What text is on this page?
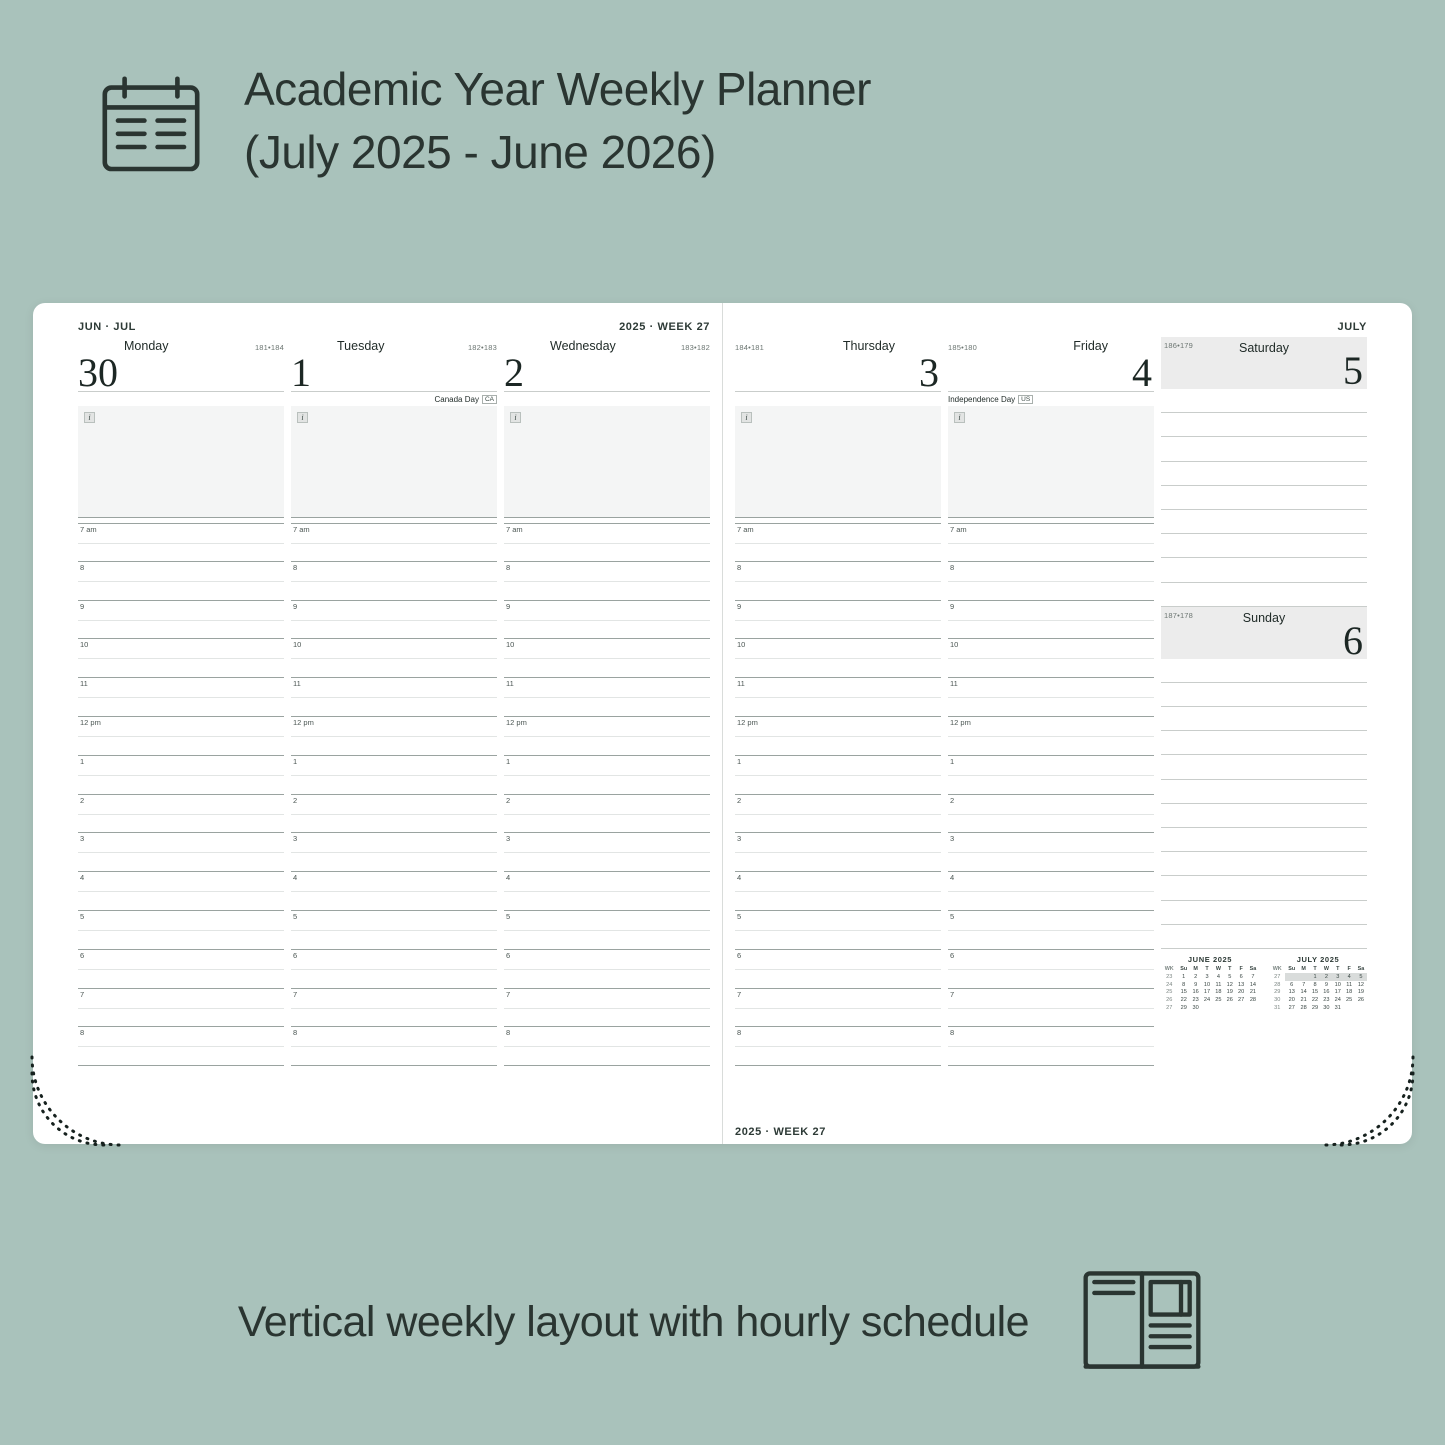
Academic Year Weekly Planner
(July 2025 - June 2026)
JUN · JUL	2025 · WEEK 27
Monday	181•184
30
i
7 am
8
9
10
11
12 pm
1
2
3
4
5
6
7
8
Tuesday	182•183
1
Canada Day CA
i
7 am
8
9
10
11
12 pm
1
2
3
4
5
6
7
8
Wednesday	183•182
2
i
7 am
8
9
10
11
12 pm
1
2
3
4
5
6
7
8

JULY
184•181	Thursday
3
i
7 am
8
9
10
11
12 pm
1
2
3
4
5
6
7
8
185•180	Friday
4
Independence Day US
i
7 am
8
9
10
11
12 pm
1
2
3
4
5
6
7
8
186•179	Saturday	5
187•178	Sunday	6
JUNE 2025
WK	Su	M	T	W	T	F	Sa
23	1	2	3	4	5	6	7
24	8	9	10	11	12	13	14
25	15	16	17	18	19	20	21
26	22	23	24	25	26	27	28
27	29	30					
JULY 2025
WK	Su	M	T	W	T	F	Sa
27			1	2	3	4	5
28	6	7	8	9	10	11	12
29	13	14	15	16	17	18	19
30	20	21	22	23	24	25	26
31	27	28	29	30	31		
2025 · WEEK 27
Vertical weekly layout with hourly schedule
